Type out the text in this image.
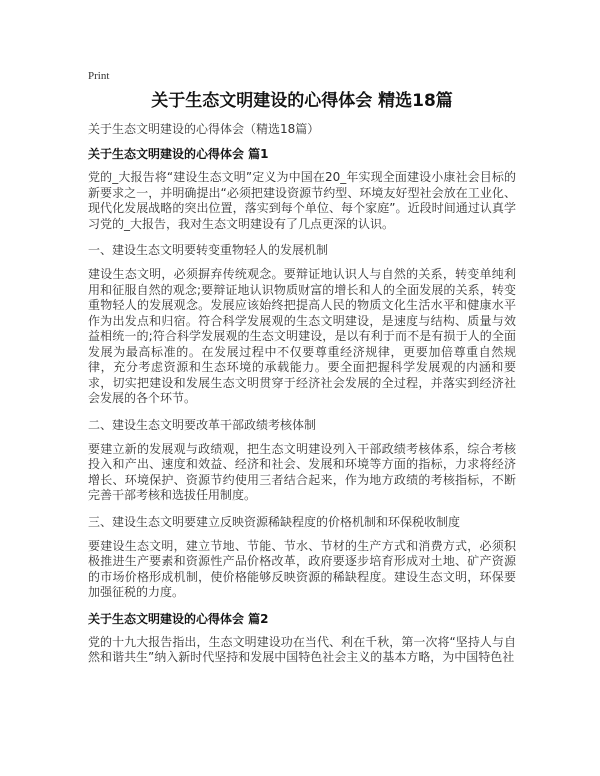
Print
关于生态文明建设的心得体会 精选18篇
关于生态文明建设的心得体会（精选18篇）
关于生态文明建设的心得体会 篇1

党的_大报告将“建设生态文明”定义为中国在20_年实现全面建设小康社会目标的新要求之一，并明确提出“必须把建设资源节约型、环境友好型社会放在工业化、现代化发展战略的突出位置，落实到每个单位、每个家庭”。近段时间通过认真学习党的_大报告，我对生态文明建设有了几点更深的认识。

一、建设生态文明要转变重物轻人的发展机制

建设生态文明，必须摒弃传统观念。要辩证地认识人与自然的关系，转变单纯利用和征服自然的观念;要辩证地认识物质财富的增长和人的全面发展的关系，转变重物轻人的发展观念。发展应该始终把提高人民的物质文化生活水平和健康水平作为出发点和归宿。符合科学发展观的生态文明建设，是速度与结构、质量与效益相统一的;符合科学发展观的生态文明建设，是以有利于而不是有损于人的全面发展为最高标准的。在发展过程中不仅要尊重经济规律，更要加倍尊重自然规律，充分考虑资源和生态环境的承载能力。要全面把握科学发展观的内涵和要求，切实把建设和发展生态文明贯穿于经济社会发展的全过程，并落实到经济社会发展的各个环节。

二、建设生态文明要改革干部政绩考核体制

要建立新的发展观与政绩观，把生态文明建设列入干部政绩考核体系，综合考核投入和产出、速度和效益、经济和社会、发展和环境等方面的指标，力求将经济增长、环境保护、资源节约使用三者结合起来，作为地方政绩的考核指标，不断完善干部考核和选拔任用制度。

三、建设生态文明要建立反映资源稀缺程度的价格机制和环保税收制度

要建设生态文明，建立节地、节能、节水、节材的生产方式和消费方式，必须积极推进生产要素和资源性产品价格改革，政府要逐步培育形成对土地、矿产资源的市场价格形成机制，使价格能够反映资源的稀缺程度。建设生态文明，环保要加强征税的力度。

关于生态文明建设的心得体会 篇2

党的十九大报告指出，生态文明建设功在当代、利在千秋，第一次将“坚持人与自然和谐共生”纳入新时代坚持和发展中国特色社会主义的基本方略，为中国特色社
